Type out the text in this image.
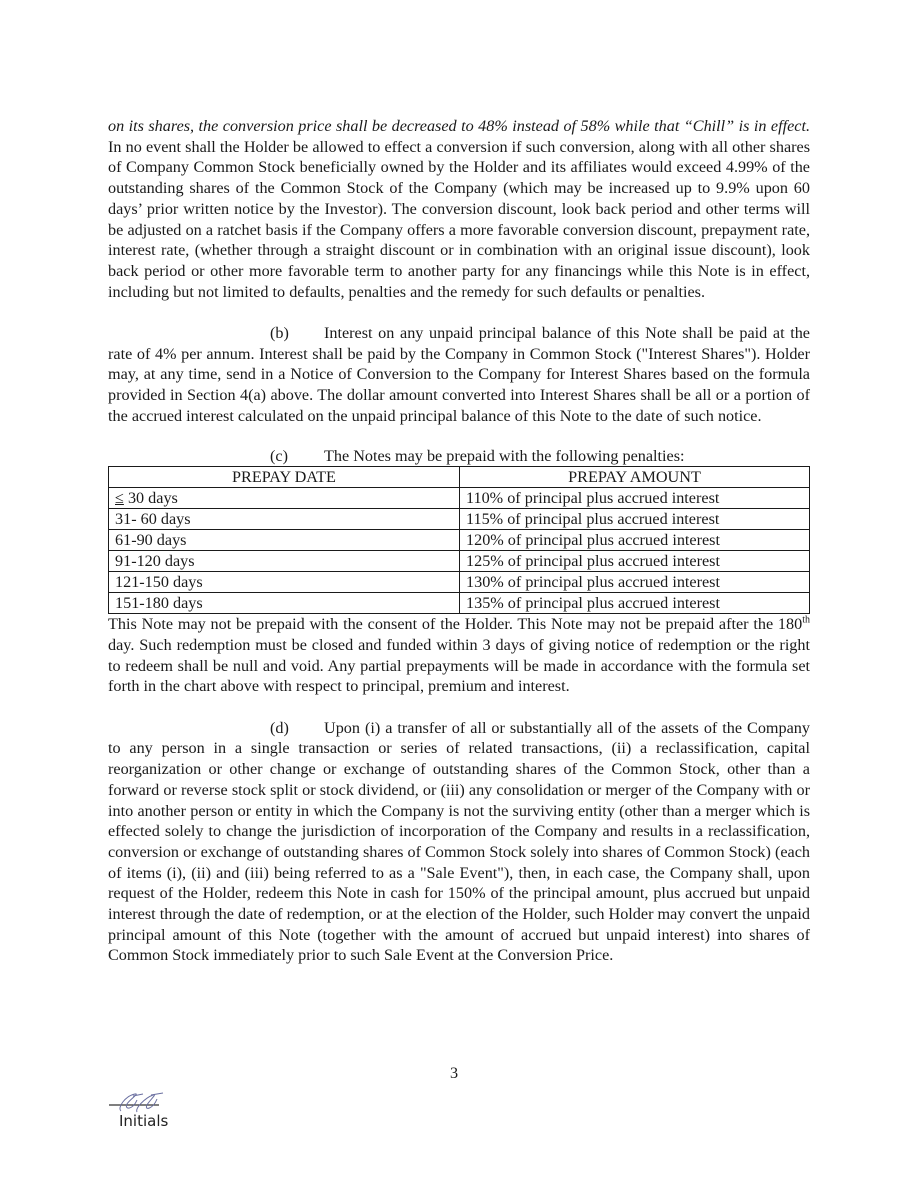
on its shares, the conversion price shall be decreased to 48% instead of 58% while that “Chill” is in effect. In no event shall the Holder be allowed to effect a conversion if such conversion, along with all other shares of Company Common Stock beneficially owned by the Holder and its affiliates would exceed 4.99% of the outstanding shares of the Common Stock of the Company (which may be increased up to 9.9% upon 60 days’ prior written notice by the Investor). The conversion discount, look back period and other terms will be adjusted on a ratchet basis if the Company offers a more favorable conversion discount, prepayment rate, interest rate, (whether through a straight discount or in combination with an original issue discount), look back period or other more favorable term to another party for any financings while this Note is in effect, including but not limited to defaults, penalties and the remedy for such defaults or penalties.

(b) Interest on any unpaid principal balance of this Note shall be paid at the rate of 4% per annum. Interest shall be paid by the Company in Common Stock ("Interest Shares"). Holder may, at any time, send in a Notice of Conversion to the Company for Interest Shares based on the formula provided in Section 4(a) above. The dollar amount converted into Interest Shares shall be all or a portion of the accrued interest calculated on the unpaid principal balance of this Note to the date of such notice.

(c) The Notes may be prepaid with the following penalties:

PREPAY DATE	PREPAY AMOUNT
≤ 30 days	110% of principal plus accrued interest
31- 60 days	115% of principal plus accrued interest
61-90 days	120% of principal plus accrued interest
91-120 days	125% of principal plus accrued interest
121-150 days	130% of principal plus accrued interest
151-180 days	135% of principal plus accrued interest

This Note may not be prepaid with the consent of the Holder. This Note may not be prepaid after the 180th day. Such redemption must be closed and funded within 3 days of giving notice of redemption or the right to redeem shall be null and void. Any partial prepayments will be made in accordance with the formula set forth in the chart above with respect to principal, premium and interest.

(d) Upon (i) a transfer of all or substantially all of the assets of the Company to any person in a single transaction or series of related transactions, (ii) a reclassification, capital reorganization or other change or exchange of outstanding shares of the Common Stock, other than a forward or reverse stock split or stock dividend, or (iii) any consolidation or merger of the Company with or into another person or entity in which the Company is not the surviving entity (other than a merger which is effected solely to change the jurisdiction of incorporation of the Company and results in a reclassification, conversion or exchange of outstanding shares of Common Stock solely into shares of Common Stock) (each of items (i), (ii) and (iii) being referred to as a "Sale Event"), then, in each case, the Company shall, upon request of the Holder, redeem this Note in cash for 150% of the principal amount, plus accrued but unpaid interest through the date of redemption, or at the election of the Holder, such Holder may convert the unpaid principal amount of this Note (together with the amount of accrued but unpaid interest) into shares of Common Stock immediately prior to such Sale Event at the Conversion Price.

3
Initials
